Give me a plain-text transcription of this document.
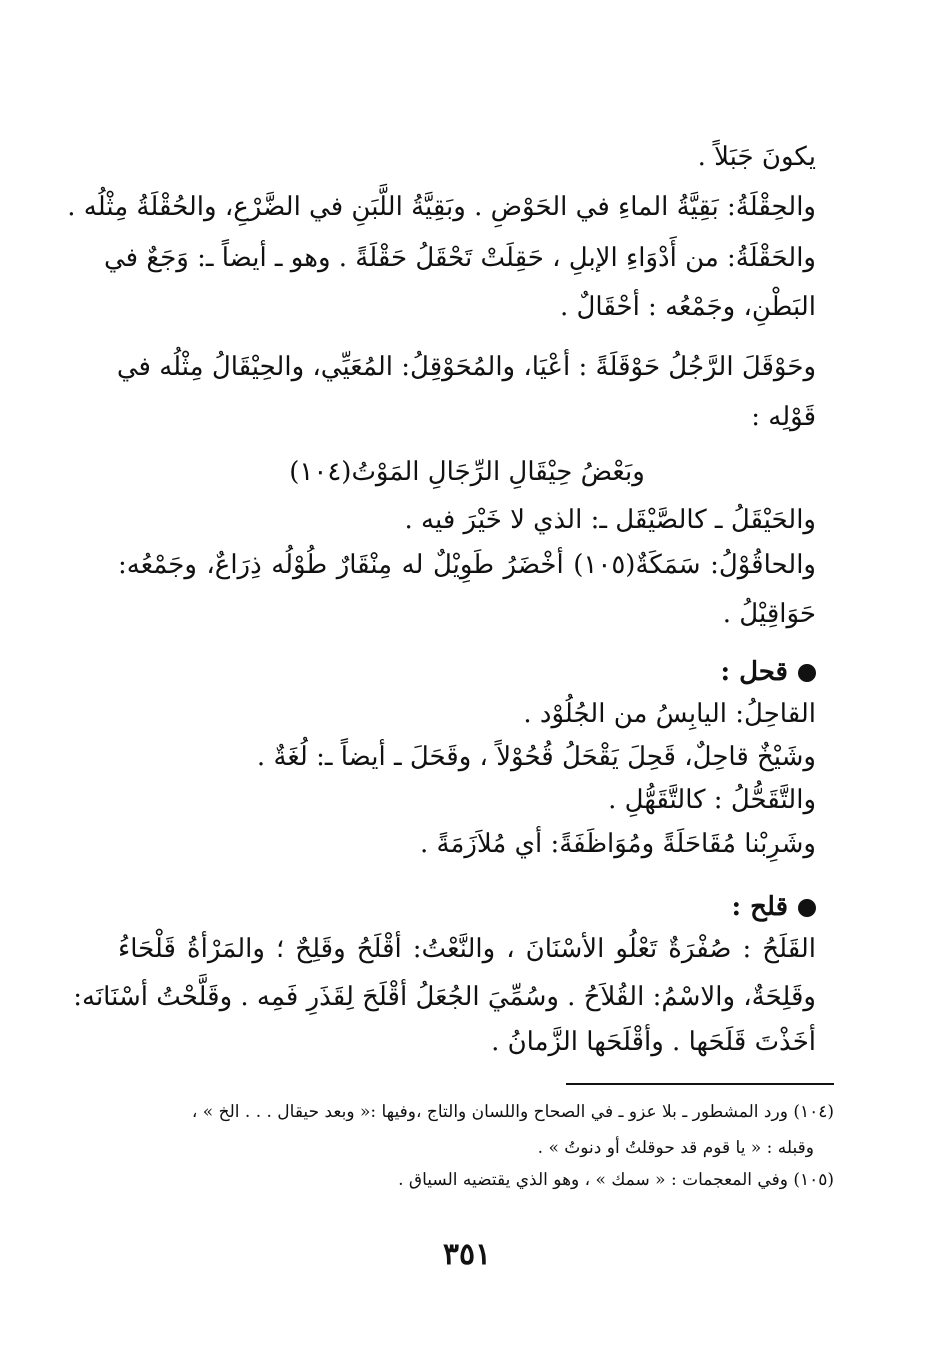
يكونَ جَبَلاً .
والحِقْلَةُ: بَقِيَّةُ الماءِ في الحَوْضِ . وبَقِيَّةُ اللَّبَنِ في الضَّرْعِ، والحُقْلَةُ مِثْلُه .
والحَقْلَةُ: من أَدْوَاءِ الإبلِ ، حَقِلَتْ تَحْقَلُ حَقْلَةً . وهو ـ أيضاً ـ: وَجَعٌ في
البَطْنِ، وجَمْعُه : أحْقَالٌ .
وحَوْقَلَ الرَّجُلُ حَوْقَلَةً : أعْيَا، والمُحَوْقِلُ: المُعَيِّي، والحِيْقَالُ مِثْلُه في
قَوْلِه :
وبَعْضُ حِيْقَالِ الرِّجَالِ المَوْتُ(١٠٤)
والحَيْقَلُ ـ كالصَّيْقَل ـ: الذي لا خَيْرَ فيه .
والحاقُوْلُ: سَمَكَةٌ(١٠٥) أخْضَرُ طَوِيْلٌ له مِنْقَارٌ طُوْلُه ذِرَاعٌ، وجَمْعُه:
حَوَاقِيْلُ .
قحل :
القاحِلُ: اليابِسُ من الجُلُوْد .
وشَيْخٌ قاحِلٌ، قَحِلَ يَقْحَلُ قُحُوْلاً ، وقَحَلَ ـ أيضاً ـ: لُغَةٌ .
والتَّقَحُّلُ : كالتَّقَهُّلِ .
وشَرِبْنا مُقَاحَلَةً ومُوَاظَفَةً: أي مُلاَزَمَةً .
قلح :
القَلَحُ : صُفْرَةٌ تَعْلُو الأسْنَانَ ، والنَّعْتُ: أقْلَحُ وقَلِحٌ ؛ والمَرْأةُ قَلْحَاءُ
وقَلِحَةٌ، والاسْمُ: القُلاَحُ . وسُمِّيَ الجُعَلُ أقْلَحَ لِقَذَرِ فَمِه . وقَلَّحْتُ أسْنَانَه:
أخَذْتَ قَلَحَها . وأقْلَحَها الزَّمانُ .
(١٠٤) ورد المشطور ـ بلا عزو ـ في الصحاح واللسان والتاج ،وفيها :« وبعد حيقال . . . الخ » ،
وقبله : « يا قوم قد حوقلتُ أو دنوتُ » .
(١٠٥) وفي المعجمات : « سمك » ، وهو الذي يقتضيه السياق .
٣٥١
